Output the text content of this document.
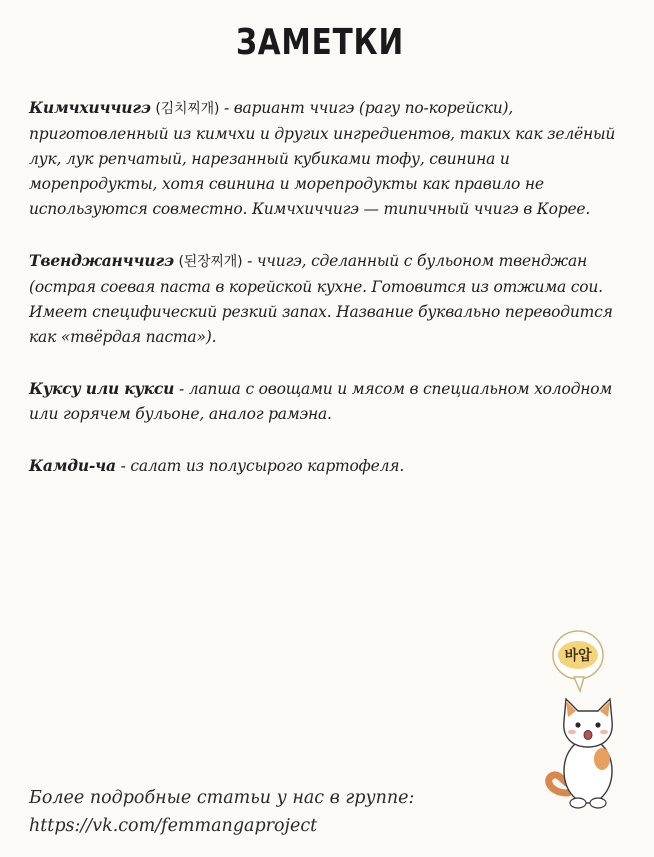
ЗАМЕТКИ

Кимчхиччигэ (김치찌개) - вариант ччигэ (рагу по-корейски), приготовленный из кимчхи и других ингредиентов, таких как зелёный лук, лук репчатый, нарезанный кубиками тофу, свинина и морепродукты, хотя свинина и морепродукты как правило не используются совместно. Кимчхиччигэ — типичный ччигэ в Корее.

Твенджанччигэ (된장찌개) - ччигэ, сделанный с бульоном твенджан (острая соевая паста в корейской кухне. Готовится из отжима сои. Имеет специфический резкий запах. Название буквально переводится как «твёрдая паста»).

Куксу или кукси - лапша с овощами и мясом в специальном холодном или горячем бульоне, аналог рамэна.

Камди-ча - салат из полусырого картофеля.

Более подробные статьи у нас в группе:
https://vk.com/femmangaproject
바압
